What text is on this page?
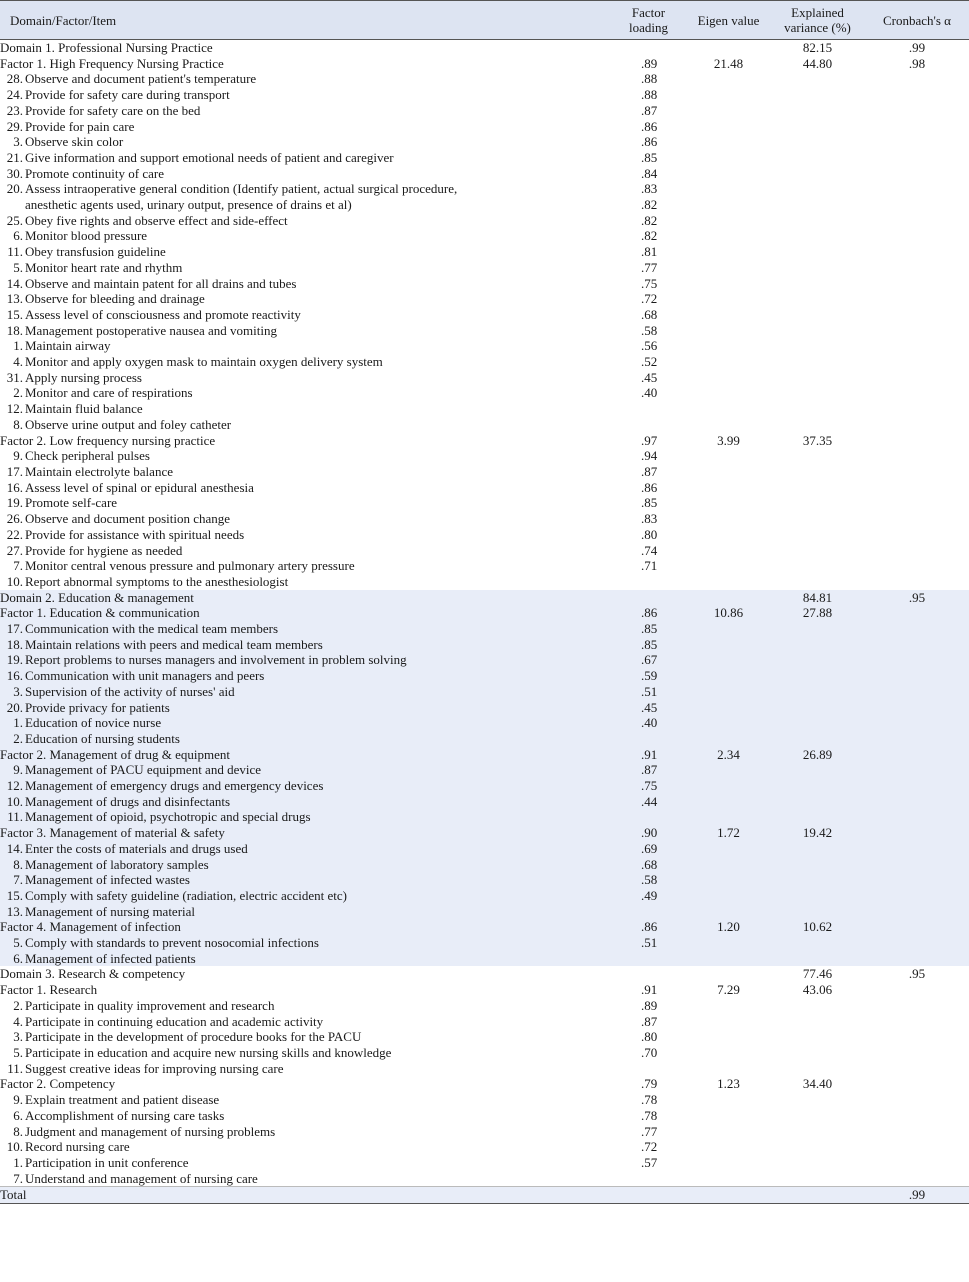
Domain/Factor/Item	Factor loading	Eigen value	Explained variance (%)	Cronbach's α
Domain 1. Professional Nursing Practice			82.15	.99
Factor 1. High Frequency Nursing Practice	.89	21.48	44.80	.98
28. Observe and document patient's temperature	.88			
24. Provide for safety care during transport	.88			
23. Provide for safety care on the bed	.87			
29. Provide for pain care	.86			
3. Observe skin color	.86			
21. Give information and support emotional needs of patient and caregiver	.85			
30. Promote continuity of care	.84			
20. Assess intraoperative general condition (Identify patient, actual surgical procedure,	.83			
anesthetic agents used, urinary output, presence of drains et al)	.82			
25. Obey five rights and observe effect and side-effect	.82			
6. Monitor blood pressure	.82			
11. Obey transfusion guideline	.81			
5. Monitor heart rate and rhythm	.77			
14. Observe and maintain patent for all drains and tubes	.75			
13. Observe for bleeding and drainage	.72			
15. Assess level of consciousness and promote reactivity	.68			
18. Management postoperative nausea and vomiting	.58			
1. Maintain airway	.56			
4. Monitor and apply oxygen mask to maintain oxygen delivery system	.52			
31. Apply nursing process	.45			
2. Monitor and care of respirations	.40			
12. Maintain fluid balance				
8. Observe urine output and foley catheter				
Factor 2. Low frequency nursing practice	.97	3.99	37.35	
9. Check peripheral pulses	.94			
17. Maintain electrolyte balance	.87			
16. Assess level of spinal or epidural anesthesia	.86			
19. Promote self-care	.85			
26. Observe and document position change	.83			
22. Provide for assistance with spiritual needs	.80			
27. Provide for hygiene as needed	.74			
7. Monitor central venous pressure and pulmonary artery pressure	.71			
10. Report abnormal symptoms to the anesthesiologist				
Domain 2. Education & management			84.81	.95
Factor 1. Education & communication	.86	10.86	27.88	
17. Communication with the medical team members	.85			
18. Maintain relations with peers and medical team members	.85			
19. Report problems to nurses managers and involvement in problem solving	.67			
16. Communication with unit managers and peers	.59			
3. Supervision of the activity of nurses' aid	.51			
20. Provide privacy for patients	.45			
1. Education of novice nurse	.40			
2. Education of nursing students				
Factor 2. Management of drug & equipment	.91	2.34	26.89	
9. Management of PACU equipment and device	.87			
12. Management of emergency drugs and emergency devices	.75			
10. Management of drugs and disinfectants	.44			
11. Management of opioid, psychotropic and special drugs				
Factor 3. Management of material & safety	.90	1.72	19.42	
14. Enter the costs of materials and drugs used	.69			
8. Management of laboratory samples	.68			
7. Management of infected wastes	.58			
15. Comply with safety guideline (radiation, electric accident etc)	.49			
13. Management of nursing material				
Factor 4. Management of infection	.86	1.20	10.62	
5. Comply with standards to prevent nosocomial infections	.51			
6. Management of infected patients				
Domain 3. Research & competency			77.46	.95
Factor 1. Research	.91	7.29	43.06	
2. Participate in quality improvement and research	.89			
4. Participate in continuing education and academic activity	.87			
3. Participate in the development of procedure books for the PACU	.80			
5. Participate in education and acquire new nursing skills and knowledge	.70			
11. Suggest creative ideas for improving nursing care				
Factor 2. Competency	.79	1.23	34.40	
9. Explain treatment and patient disease	.78			
6. Accomplishment of nursing care tasks	.78			
8. Judgment and management of nursing problems	.77			
10. Record nursing care	.72			
1. Participation in unit conference	.57			
7. Understand and management of nursing care				
Total				.99
